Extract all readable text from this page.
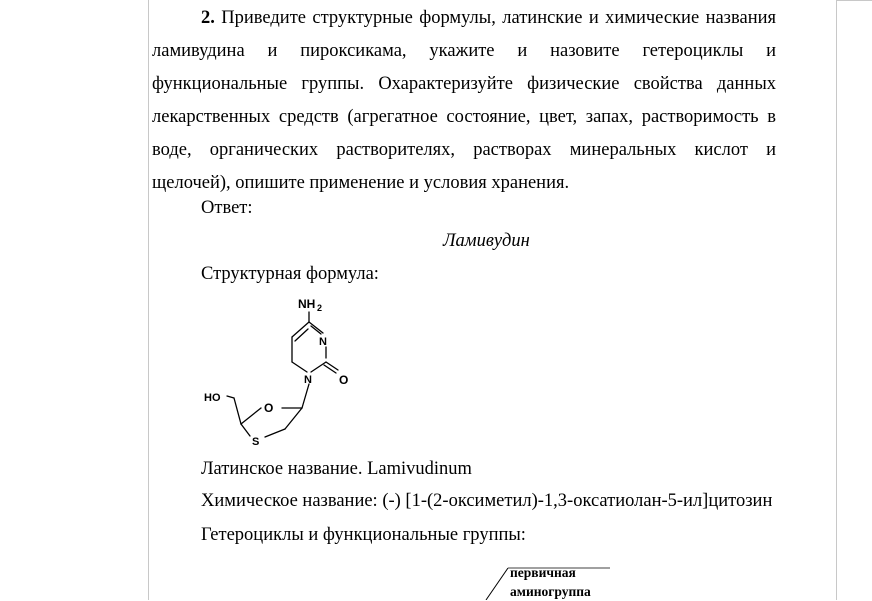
2. Приведите структурные формулы, латинские и химические названия ламивудина и пироксикама, укажите и назовите гетероциклы и функциональные группы. Охарактеризуйте физические свойства данных лекарственных средств (агрегатное состояние, цвет, запах, растворимость в воде, органических растворителях, растворах минеральных кислот и щелочей), опишите применение и условия хранения.

Ответ:
Ламивудин
Структурная формула:
NH 2
N
N O
HO
O
S
Латинское название. Lamivudinum
Химическое название: (-) [1-(2-оксиметил)-1,3-оксатиолан-5-ил]цитозин
Гетероциклы и функциональные группы:
первичная
аминогруппа
